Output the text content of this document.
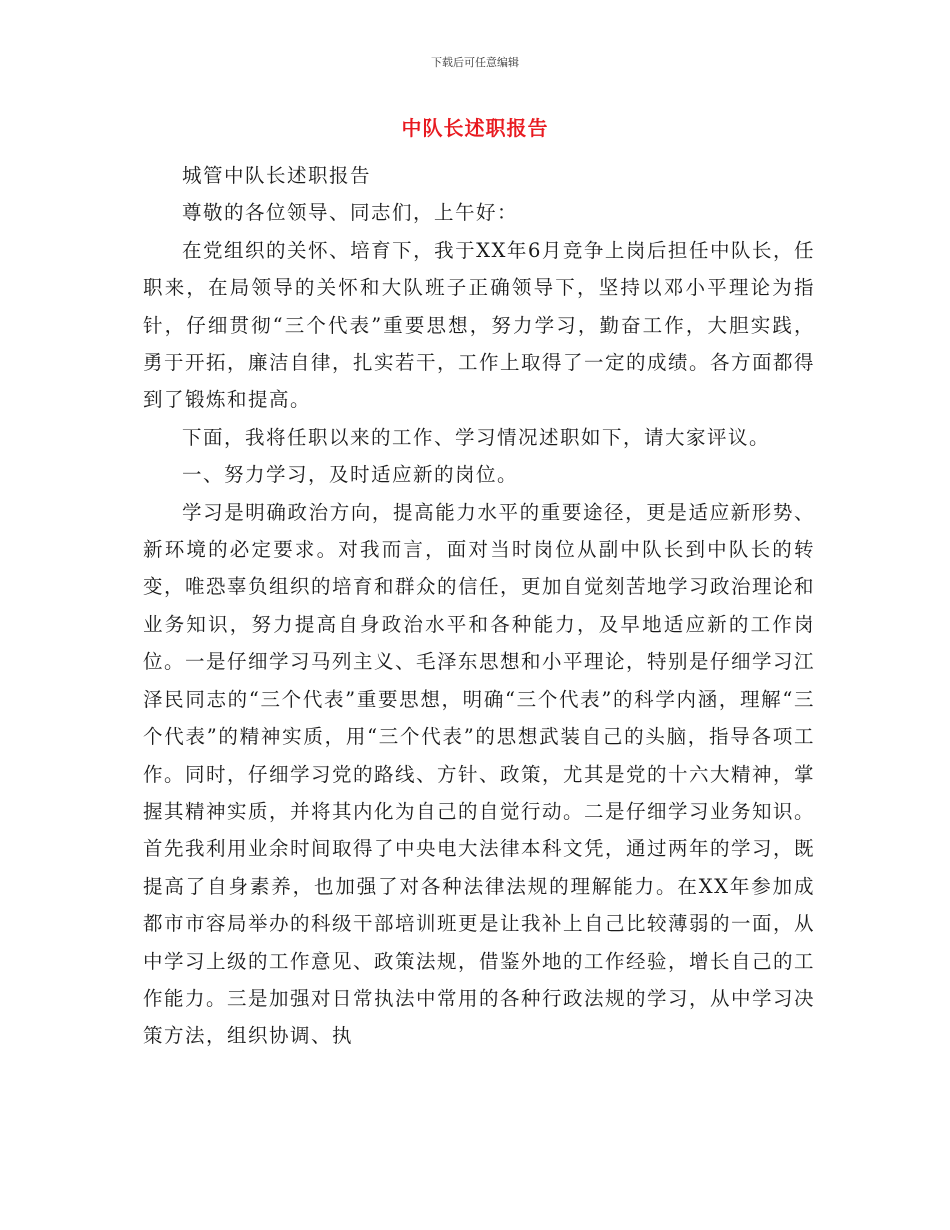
下载后可任意编辑
中队长述职报告

城管中队长述职报告

尊敬的各位领导、同志们，上午好：

在党组织的关怀、培育下，我于XX年6月竞争上岗后担任中队长，任职来，在局领导的关怀和大队班子正确领导下，坚持以邓小平理论为指针，仔细贯彻“三个代表”重要思想，努力学习，勤奋工作，大胆实践，勇于开拓，廉洁自律，扎实若干，工作上取得了一定的成绩。各方面都得到了锻炼和提高。

下面，我将任职以来的工作、学习情况述职如下，请大家评议。

一、努力学习，及时适应新的岗位。

学习是明确政治方向，提高能力水平的重要途径，更是适应新形势、新环境的必定要求。对我而言，面对当时岗位从副中队长到中队长的转变，唯恐辜负组织的培育和群众的信任，更加自觉刻苦地学习政治理论和业务知识，努力提高自身政治水平和各种能力，及早地适应新的工作岗位。一是仔细学习马列主义、毛泽东思想和小平理论，特别是仔细学习江泽民同志的“三个代表”重要思想，明确“三个代表”的科学内涵，理解“三个代表”的精神实质，用“三个代表”的思想武装自己的头脑，指导各项工作。同时，仔细学习党的路线、方针、政策，尤其是党的十六大精神，掌握其精神实质，并将其内化为自己的自觉行动。二是仔细学习业务知识。首先我利用业余时间取得了中央电大法律本科文凭，通过两年的学习，既提高了自身素养，也加强了对各种法律法规的理解能力。在XX年参加成都市市容局举办的科级干部培训班更是让我补上自己比较薄弱的一面，从中学习上级的工作意见、政策法规，借鉴外地的工作经验，增长自己的工作能力。三是加强对日常执法中常用的各种行政法规的学习，从中学习决策方法，组织协调、执
